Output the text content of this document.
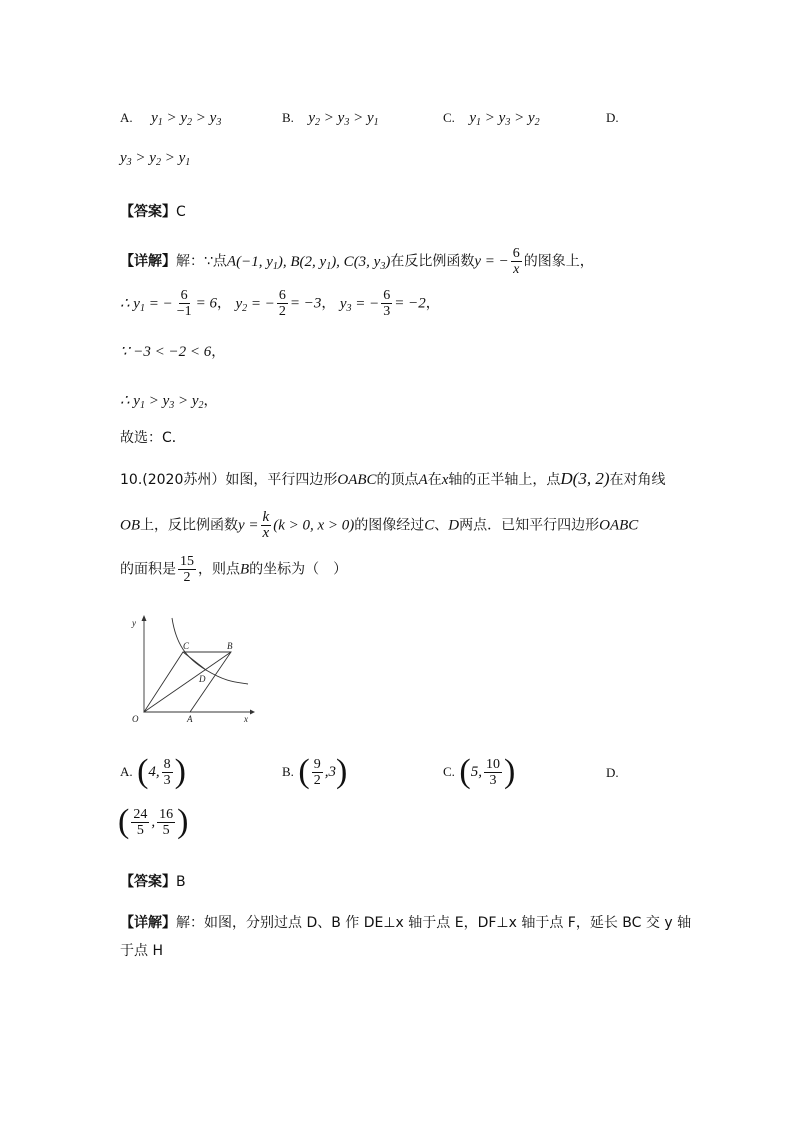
A. $y_1 > y_2 > y_3$	B. $y_2 > y_3 > y_1$	C. $y_1 > y_3 > y_2$	D.
$y_3 > y_2 > y_1$
【答案】C
【详解】解：∵点A(−1, $y_1$), B(2, $y_1$), C(3, $y_3$)在反比例函数y = − $\frac{6}{x}$ 的图象上，
∴ $y_1$ = − $\frac{6}{-1} = 6$， $y_2$ = − $\frac{6}{2} = -3$， $y_3$ = − $\frac{6}{3} = -2$，
∵ −3 < −2 < 6，
∴ $y_1 > y_3 > y_2$，
故选：C．
10.(2020苏州）如图，平行四边形OABC的顶点A在x轴的正半轴上，点D(3, 2)在对角线
OB上，反比例函数$y = \frac{k}{x} (k > 0$, x > 0)的图像经过C、D两点．已知平行四边形OABC
的面积是 $\frac{15}{2}$ ，则点B的坐标为（　）
y
x
O	A
B
C
D
A. (4, $\frac{8}{3}$ )	B. ( $\frac{9}{2} ,3$)	C. (5, $\frac{10}{3}$ )	D.
( $\frac{24}{5}$ , $\frac{16}{5}$ )
【答案】B
【详解】解：如图，分别过点 D、B 作 DE⊥x 轴于点 E，DF⊥x 轴于点 F，延长 BC 交 y 轴
于点 H
